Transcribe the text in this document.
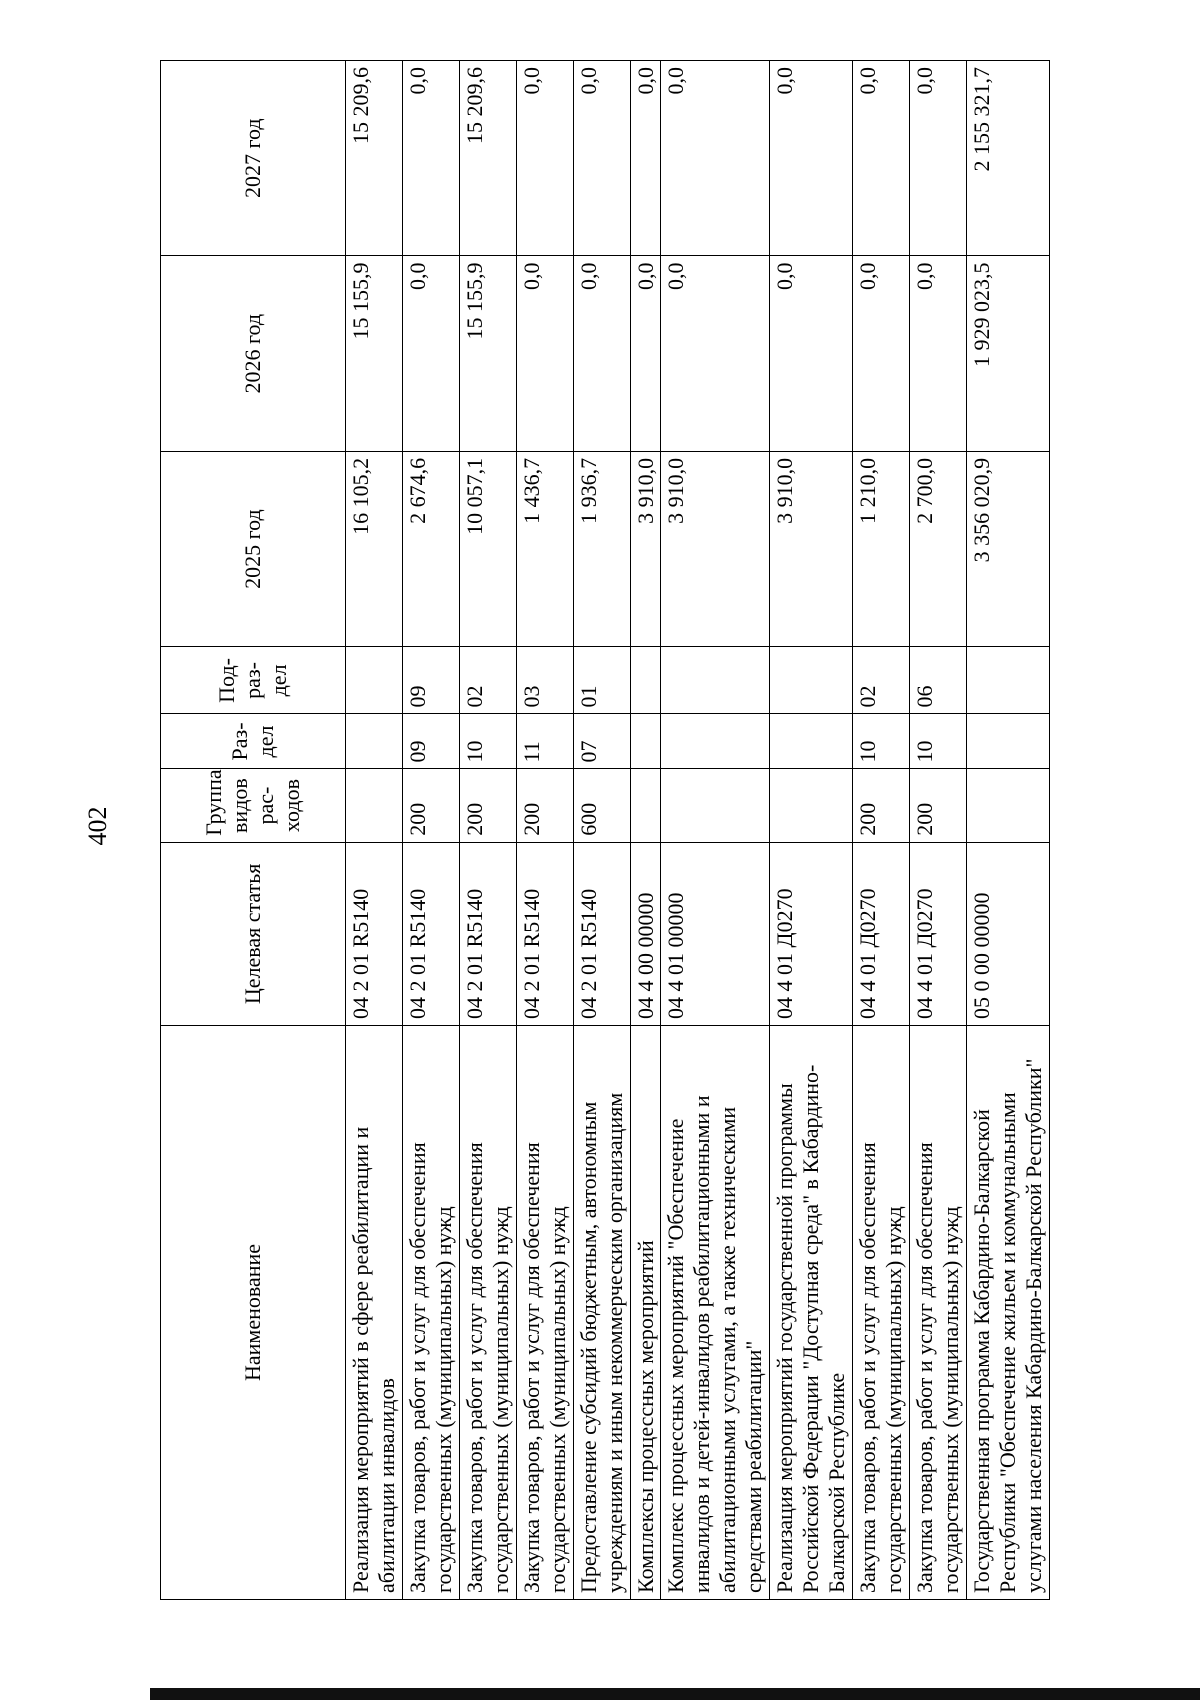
402
Наименование	Целевая статья	Группа видов рас-ходов	Раз-дел	Под-раз-дел	2025 год	2026 год	2027 год
Реализация мероприятий в сфере реабилитации и абилитации инвалидов	04 2 01 R5140				16 105,2	15 155,9	15 209,6
Закупка товаров, работ и услуг для обеспечения государственных (муниципальных) нужд	04 2 01 R5140	200	09	09	2 674,6	0,0	0,0
Закупка товаров, работ и услуг для обеспечения государственных (муниципальных) нужд	04 2 01 R5140	200	10	02	10 057,1	15 155,9	15 209,6
Закупка товаров, работ и услуг для обеспечения государственных (муниципальных) нужд	04 2 01 R5140	200	11	03	1 436,7	0,0	0,0
Предоставление субсидий бюджетным, автономным учреждениям и иным некоммерческим организациям	04 2 01 R5140	600	07	01	1 936,7	0,0	0,0
Комплексы процессных мероприятий	04 4 00 00000				3 910,0	0,0	0,0
Комплекс процессных мероприятий "Обеспечение инвалидов и детей-инвалидов реабилитационными и абилитационными услугами, а также техническими средствами реабилитации"	04 4 01 00000				3 910,0	0,0	0,0
Реализация мероприятий государственной программы Российской Федерации "Доступная среда" в Кабардино-Балкарской Республике	04 4 01 Д0270				3 910,0	0,0	0,0
Закупка товаров, работ и услуг для обеспечения государственных (муниципальных) нужд	04 4 01 Д0270	200	10	02	1 210,0	0,0	0,0
Закупка товаров, работ и услуг для обеспечения государственных (муниципальных) нужд	04 4 01 Д0270	200	10	06	2 700,0	0,0	0,0
Государственная программа Кабардино-Балкарской Республики "Обеспечение жильем и коммунальными услугами населения Кабардино-Балкарской Республики"	05 0 00 00000				3 356 020,9	1 929 023,5	2 155 321,7
